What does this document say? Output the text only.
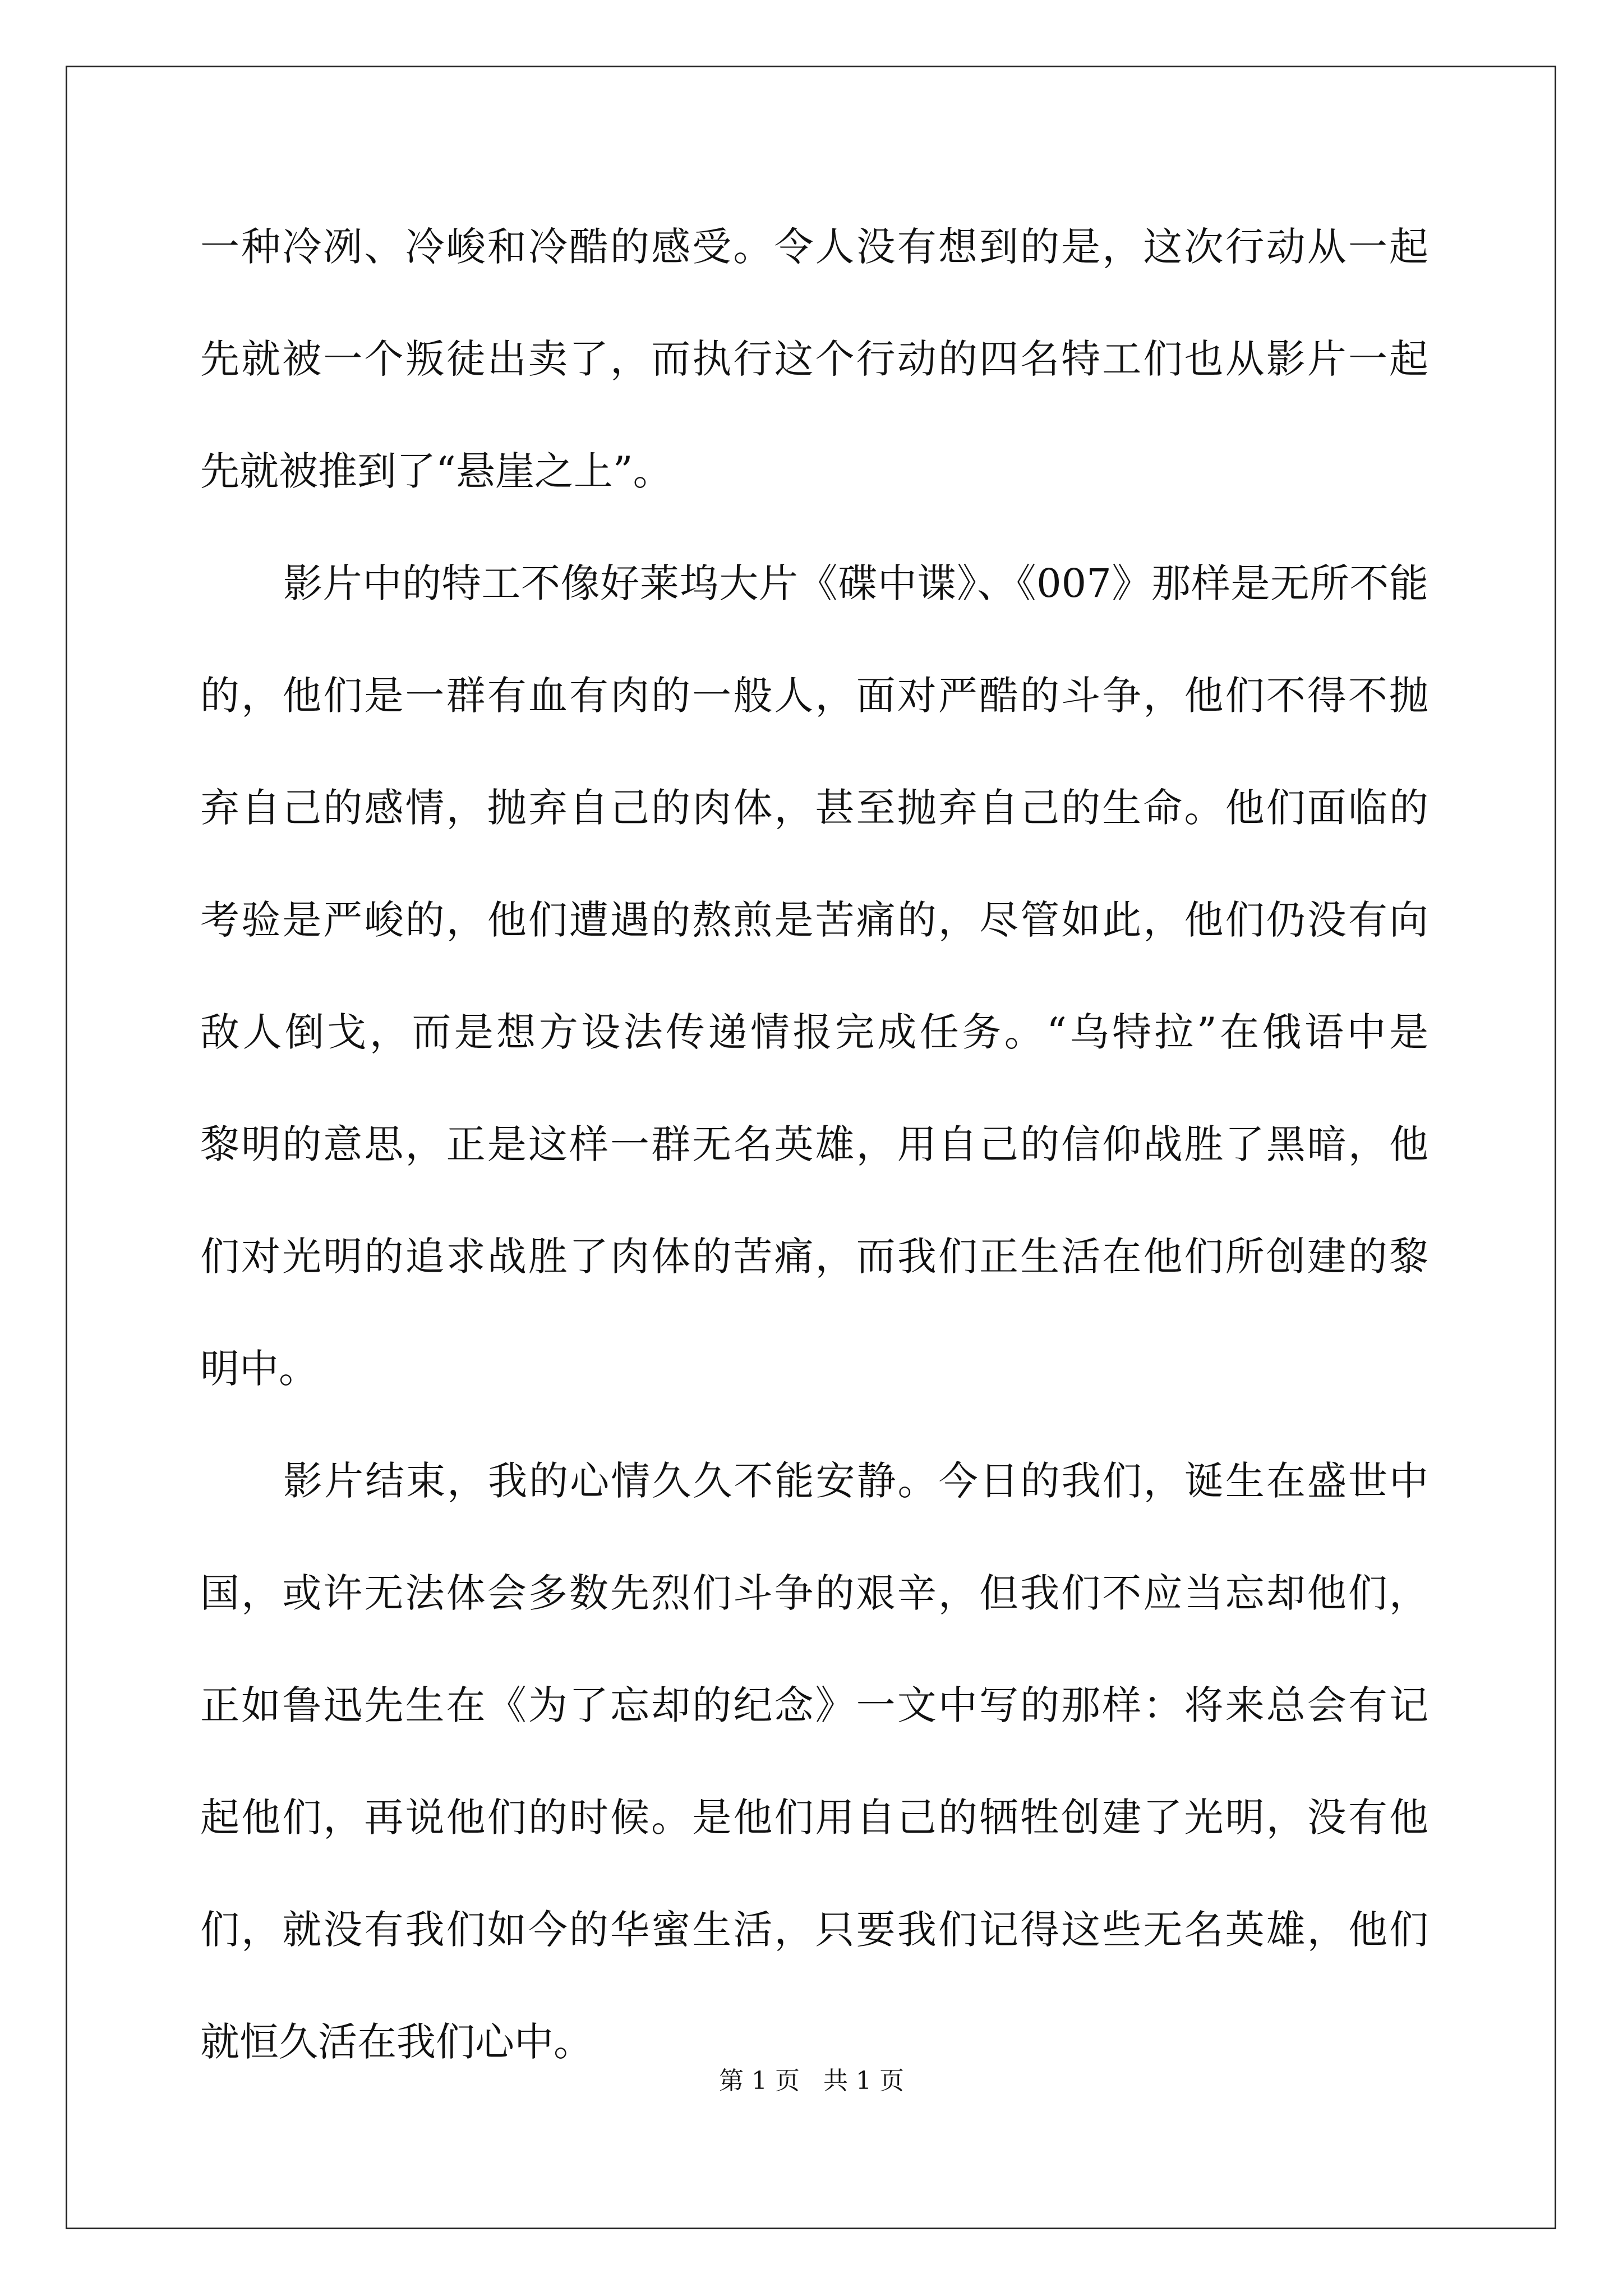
一种冷冽、冷峻和冷酷的感受。令人没有想到的是，这次行动从一起
先就被一个叛徒出卖了，而执行这个行动的四名特工们也从影片一起
先就被推到了“悬崖之上”。
影片中的特工不像好莱坞大片《碟中谍》、《007》那样是无所不能
的，他们是一群有血有肉的一般人，面对严酷的斗争，他们不得不抛
弃自己的感情，抛弃自己的肉体，甚至抛弃自己的生命。他们面临的
考验是严峻的，他们遭遇的熬煎是苦痛的，尽管如此，他们仍没有向
敌人倒戈，而是想方设法传递情报完成任务。“乌特拉”在俄语中是
黎明的意思，正是这样一群无名英雄，用自己的信仰战胜了黑暗，他
们对光明的追求战胜了肉体的苦痛，而我们正生活在他们所创建的黎
明中。
影片结束，我的心情久久不能安静。今日的我们，诞生在盛世中
国，或许无法体会多数先烈们斗争的艰辛，但我们不应当忘却他们，
正如鲁迅先生在《为了忘却的纪念》一文中写的那样：将来总会有记
起他们，再说他们的时候。是他们用自己的牺牲创建了光明，没有他
们，就没有我们如今的华蜜生活，只要我们记得这些无名英雄，他们
就恒久活在我们心中。
第 1 页   共 1 页
